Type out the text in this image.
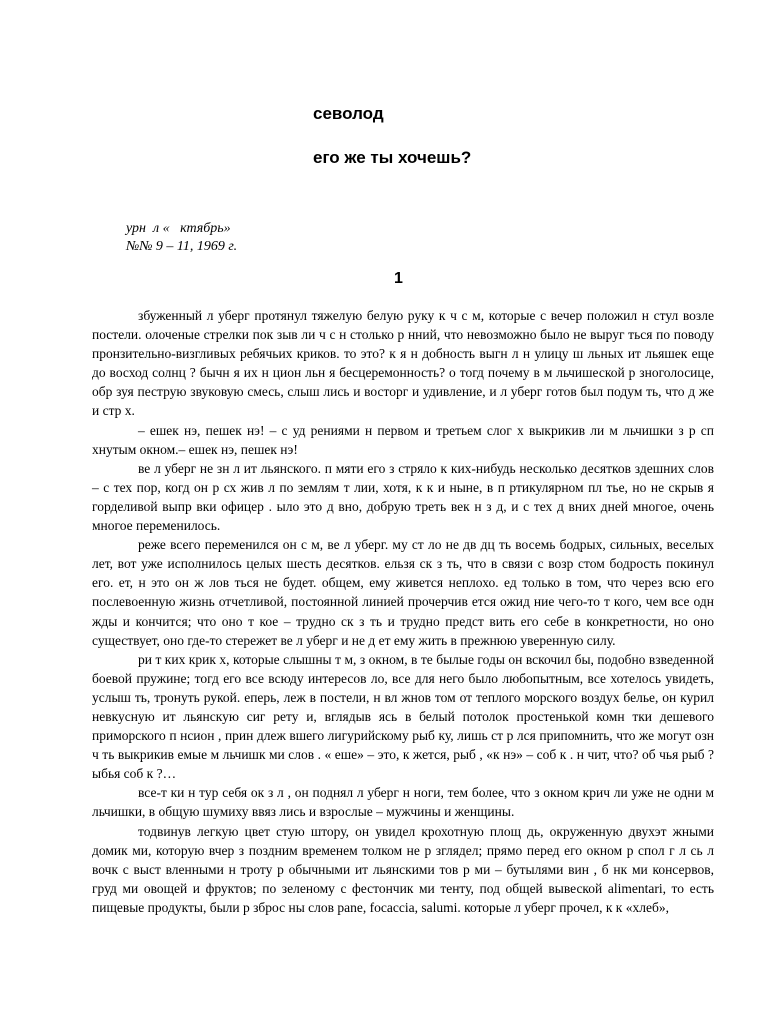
севолод
его же ты хочешь?
урн  л «   ктябрь»
№№ 9 – 11, 1969 г.
1

збуженный л уберг протянул тяжелую белую руку к ч с м, которые с вечер положил н стул возле постели. олоченые стрелки пок зыв ли ч с н столько р нний, что невозможно было не выруг ться по поводу пронзительно-визгливых ребячьих криков. то это? к я н добность выгн л н улицу ш льных ит льяшек еще до восход солнц ? бычн я их н цион льн я бесцеремонность? о тогд почему в м льчишеской р зноголосице, обр зуя пеструю звуковую смесь, слыш лись и восторг и удивление, и л уберг готов был подум ть, что д же и стр х.

– ешек нэ, пешек нэ! – с уд рениями н первом и третьем слог х выкрикив ли м льчишки з р сп хнутым окном.– ешек нэ, пешек нэ!

ве л уберг не зн л ит льянского. п мяти его з стряло к ких-нибудь несколько десятков здешних слов – с тех пор, когд он р сх жив л по землям т лии, хотя, к к и ныне, в п ртикулярном пл тье, но не скрыв я горделивой выпр вки офицер . ыло это д вно, добрую треть век н з д, и с тех д вних дней многое, очень многое переменилось.

реже всего переменился он с м, ве л уберг. му ст ло не дв дц ть восемь бодрых, сильных, веселых лет, вот уже исполнилось целых шесть десятков. ельзя ск з ть, что в связи с возр стом бодрость покинул его. ет, н это он ж лов ться не будет. общем, ему живется неплохо. ед только в том, что через всю его послевоенную жизнь отчетливой, постоянной линией прочерчив ется ожид ние чего-то т кого, чем все одн жды и кончится; что оно т кое – трудно ск з ть и трудно предст вить его себе в конкретности, но оно существует, оно где-то стережет ве л уберг и не д ет ему жить в прежнюю уверенную силу.

ри т ких крик х, которые слышны т м, з окном, в те былые годы он вскочил бы, подобно взведенной боевой пружине; тогд его все всюду интересов ло, все для него было любопытным, все хотелось увидеть, услыш ть, тронуть рукой. еперь, леж в постели, н вл жнов том от теплого морского воздух белье, он курил невкусную ит льянскую сиг рету и, вглядыв ясь в белый потолок простенькой комн тки дешевого приморского п нсион , прин длеж вшего лигурийскому рыб ку, лишь ст р лся припомнить, что же могут озн ч ть выкрикив емые м льчишк ми слов . « еше» – это, к жется, рыб , «к нэ» – соб к . н чит, что? об чья рыб ? ыбья соб к ?…

все-т ки н тур себя ок з л , он поднял л уберг н ноги, тем более, что з окном крич ли уже не одни м льчишки, в общую шумиху ввяз лись и взрослые – мужчины и женщины.

тодвинув легкую цвет стую штору, он увидел крохотную площ дь, окруженную двухэт жными домик ми, которую вчер з поздним временем толком не р зглядел; прямо перед его окном р спол г л сь л вочк с выст вленными н троту р обычными ит льянскими тов р ми – бутылями вин , б нк ми консервов, груд ми овощей и фруктов; по зеленому с фестончик ми тенту, под общей вывеской alimentari, то есть пищевые продукты, были р зброс ны слов pane, focaccia, salumi. которые л уберг прочел, к к «хлеб»,
